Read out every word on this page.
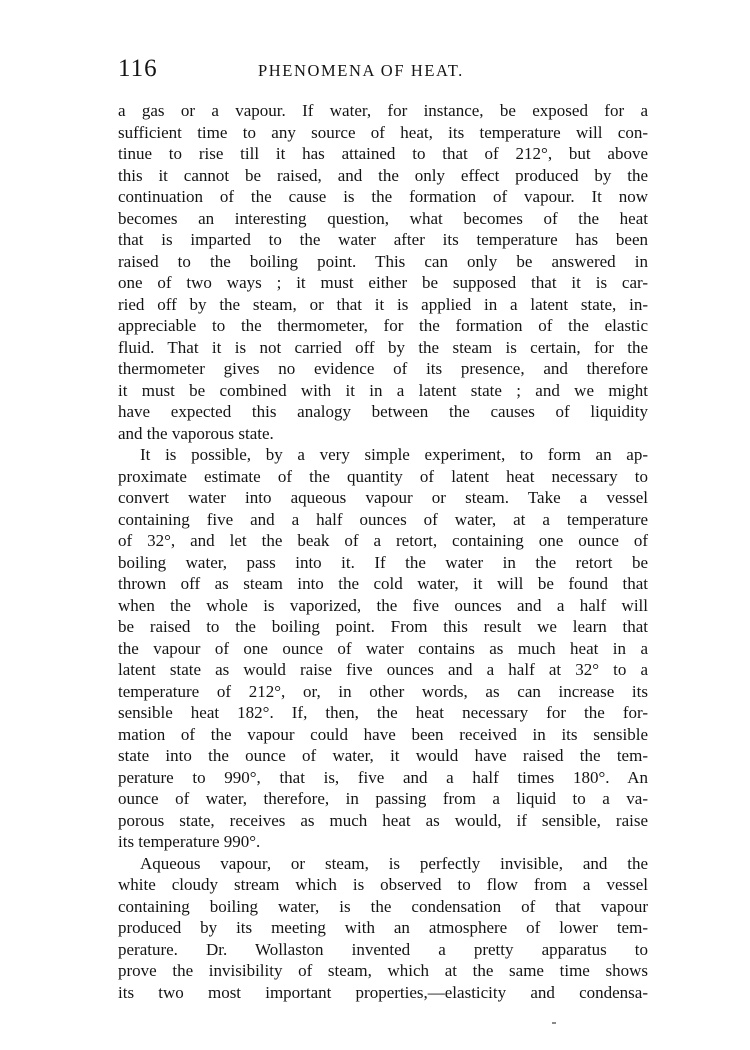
116	PHENOMENA OF HEAT.
a gas or a vapour. If water, for instance, be exposed for a
sufficient time to any source of heat, its temperature will con-
tinue to rise till it has attained to that of 212°, but above
this it cannot be raised, and the only effect produced by the
continuation of the cause is the formation of vapour. It now
becomes an interesting question, what becomes of the heat
that is imparted to the water after its temperature has been
raised to the boiling point. This can only be answered in
one of two ways ; it must either be supposed that it is car-
ried off by the steam, or that it is applied in a latent state, in-
appreciable to the thermometer, for the formation of the elastic
fluid. That it is not carried off by the steam is certain, for the
thermometer gives no evidence of its presence, and therefore
it must be combined with it in a latent state ; and we might
have expected this analogy between the causes of liquidity
and the vaporous state.
It is possible, by a very simple experiment, to form an ap-
proximate estimate of the quantity of latent heat necessary to
convert water into aqueous vapour or steam. Take a vessel
containing five and a half ounces of water, at a temperature
of 32°, and let the beak of a retort, containing one ounce of
boiling water, pass into it. If the water in the retort be
thrown off as steam into the cold water, it will be found that
when the whole is vaporized, the five ounces and a half will
be raised to the boiling point. From this result we learn that
the vapour of one ounce of water contains as much heat in a
latent state as would raise five ounces and a half at 32° to a
temperature of 212°, or, in other words, as can increase its
sensible heat 182°. If, then, the heat necessary for the for-
mation of the vapour could have been received in its sensible
state into the ounce of water, it would have raised the tem-
perature to 990°, that is, five and a half times 180°. An
ounce of water, therefore, in passing from a liquid to a va-
porous state, receives as much heat as would, if sensible, raise
its temperature 990°.
Aqueous vapour, or steam, is perfectly invisible, and the
white cloudy stream which is observed to flow from a vessel
containing boiling water, is the condensation of that vapour
produced by its meeting with an atmosphere of lower tem-
perature. Dr. Wollaston invented a pretty apparatus to
prove the invisibility of steam, which at the same time shows
its two most important properties,—elasticity and condensa-
